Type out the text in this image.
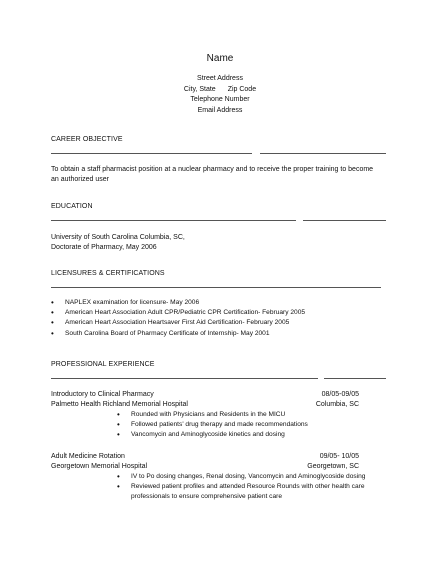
Name
Street Address
City, State Zip Code
Telephone Number
Email Address
CAREER OBJECTIVE
To obtain a staff pharmacist position at a nuclear pharmacy and to receive the proper training to become
an authorized user
EDUCATION
University of South Carolina Columbia, SC,
Doctorate of Pharmacy, May 2006
LICENSURES & CERTIFICATIONS
• NAPLEX examination for licensure- May 2006
• American Heart Association Adult CPR/Pediatric CPR Certification- February 2005
• American Heart Association Heartsaver First Aid Certification- February 2005
• South Carolina Board of Pharmacy Certificate of Internship- May 2001
PROFESSIONAL EXPERIENCE
Introductory to Clinical Pharmacy	08/05-09/05
Palmetto Health Richland Memorial Hospital	Columbia, SC
• Rounded with Physicians and Residents in the MICU
• Followed patients' drug therapy and made recommendations
• Vancomycin and Aminoglycoside kinetics and dosing
Adult Medicine Rotation	09/05- 10/05
Georgetown Memorial Hospital	Georgetown, SC
• IV to Po dosing changes, Renal dosing, Vancomycin and Aminoglycoside dosing
• Reviewed patient profiles and attended Resource Rounds with other health care
professionals to ensure comprehensive patient care
